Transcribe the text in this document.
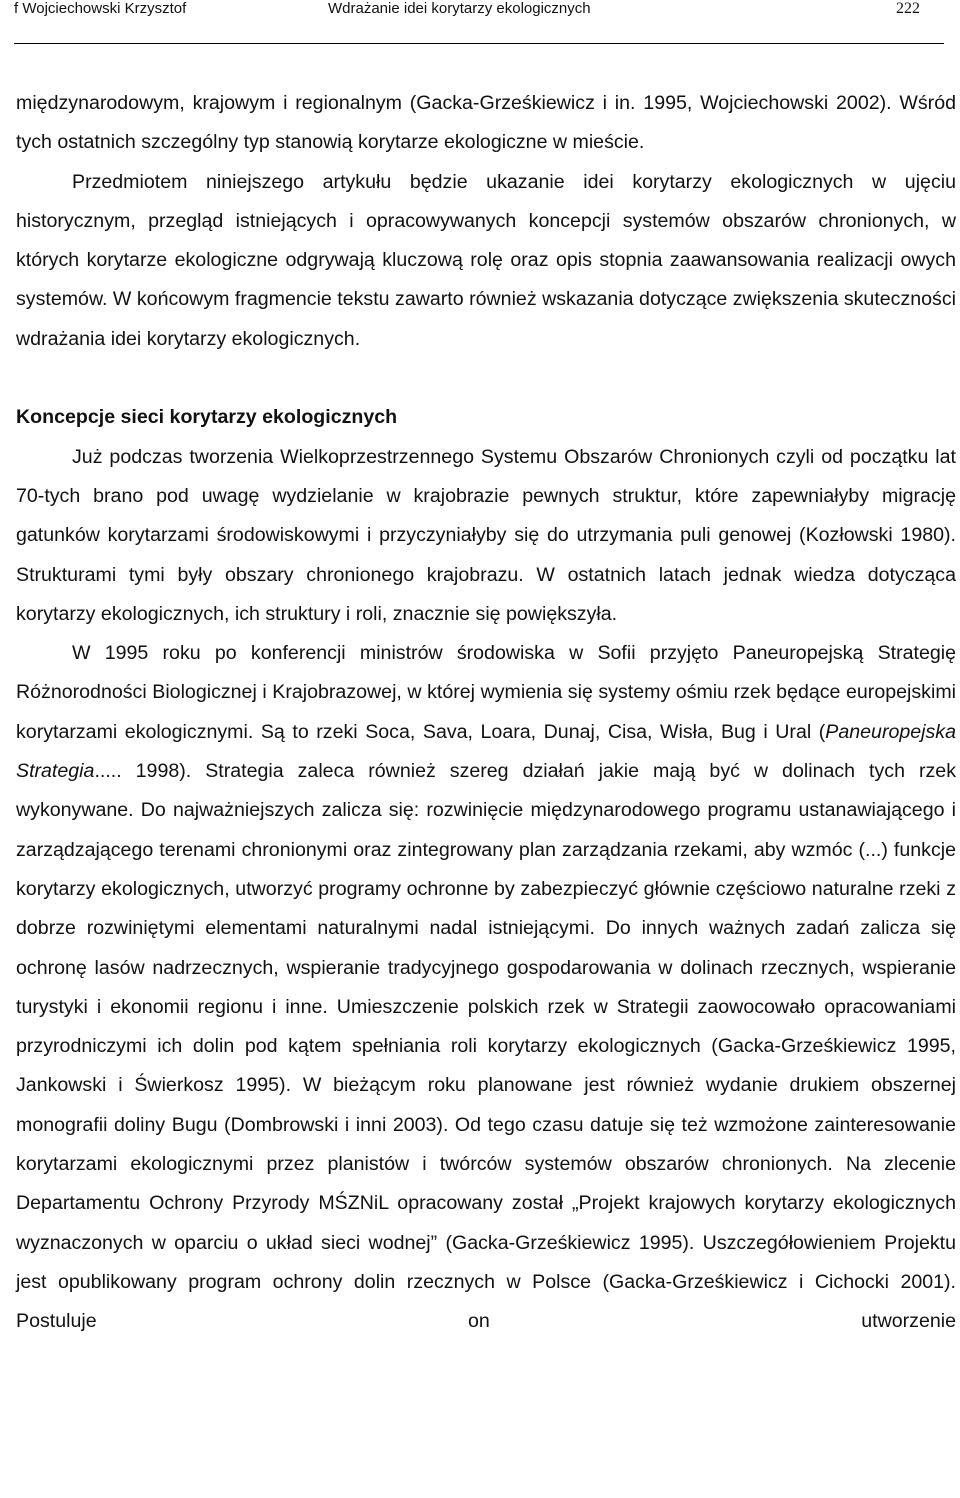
f Wojciechowski Krzysztof	Wdrażanie idei korytarzy ekologicznych	222

międzynarodowym, krajowym i regionalnym (Gacka-Grześkiewicz i in. 1995, Wojciechowski 2002). Wśród tych ostatnich szczególny typ stanowią korytarze ekologiczne w mieście.

Przedmiotem niniejszego artykułu będzie ukazanie idei korytarzy ekologicznych w ujęciu historycznym, przegląd istniejących i opracowywanych koncepcji systemów obszarów chronionych, w których korytarze ekologiczne odgrywają kluczową rolę oraz opis stopnia zaawansowania realizacji owych systemów. W końcowym fragmencie tekstu zawarto również wskazania dotyczące zwiększenia skuteczności wdrażania idei korytarzy ekologicznych.

Koncepcje sieci korytarzy ekologicznych

Już podczas tworzenia Wielkoprzestrzennego Systemu Obszarów Chronionych czyli od początku lat 70-tych brano pod uwagę wydzielanie w krajobrazie pewnych struktur, które zapewniałyby migrację gatunków korytarzami środowiskowymi i przyczyniałyby się do utrzymania puli genowej (Kozłowski 1980). Strukturami tymi były obszary chronionego krajobrazu. W ostatnich latach jednak wiedza dotycząca korytarzy ekologicznych, ich struktury i roli, znacznie się powiększyła.

W 1995 roku po konferencji ministrów środowiska w Sofii przyjęto Paneuropejską Strategię Różnorodności Biologicznej i Krajobrazowej, w której wymienia się systemy ośmiu rzek będące europejskimi korytarzami ekologicznymi. Są to rzeki Soca, Sava, Loara, Dunaj, Cisa, Wisła, Bug i Ural (Paneuropejska Strategia..... 1998). Strategia zaleca również szereg działań jakie mają być w dolinach tych rzek wykonywane. Do najważniejszych zalicza się: rozwinięcie międzynarodowego programu ustanawiającego i zarządzającego terenami chronionymi oraz zintegrowany plan zarządzania rzekami, aby wzmóc (...) funkcje korytarzy ekologicznych, utworzyć programy ochronne by zabezpieczyć głównie częściowo naturalne rzeki z dobrze rozwiniętymi elementami naturalnymi nadal istniejącymi. Do innych ważnych zadań zalicza się ochronę lasów nadrzecznych, wspieranie tradycyjnego gospodarowania w dolinach rzecznych, wspieranie turystyki i ekonomii regionu i inne. Umieszczenie polskich rzek w Strategii zaowocowało opracowaniami przyrodniczymi ich dolin pod kątem spełniania roli korytarzy ekologicznych (Gacka-Grześkiewicz 1995, Jankowski i Świerkosz 1995). W bieżącym roku planowane jest również wydanie drukiem obszernej monografii doliny Bugu (Dombrowski i inni 2003). Od tego czasu datuje się też wzmożone zainteresowanie korytarzami ekologicznymi przez planistów i twórców systemów obszarów chronionych. Na zlecenie Departamentu Ochrony Przyrody MŚZNiL opracowany został „Projekt krajowych korytarzy ekologicznych wyznaczonych w oparciu o układ sieci wodnej” (Gacka-Grześkiewicz 1995). Uszczegółowieniem Projektu jest opublikowany program ochrony dolin rzecznych w Polsce (Gacka-Grześkiewicz i Cichocki 2001). Postuluje on utworzenie
